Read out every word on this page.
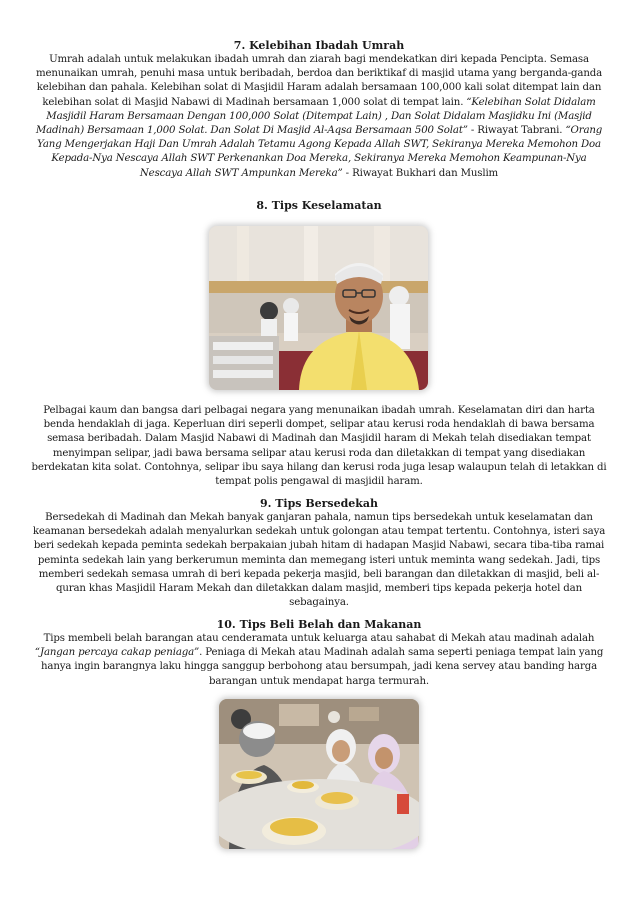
7. Kelebihan Ibadah Umrah
Umrah adalah untuk melakukan ibadah umrah dan ziarah bagi mendekatkan diri kepada Pencipta. Semasa menunaikan umrah, penuhi masa untuk beribadah, berdoa dan beriktikaf di masjid utama yang berganda-ganda kelebihan dan pahala. Kelebihan solat di Masjidil Haram adalah bersamaan 100,000 kali solat ditempat lain dan kelebihan solat di Masjid Nabawi di Madinah bersamaan 1,000 solat di tempat lain. “Kelebihan Solat Didalam Masjidil Haram Bersamaan Dengan 100,000 Solat (Ditempat Lain) , Dan Solat Didalam Masjidku Ini (Masjid Madinah) Bersamaan 1,000 Solat. Dan Solat Di Masjid Al-Aqsa Bersamaan 500 Solat” - Riwayat Tabrani. “Orang Yang Mengerjakan Haji Dan Umrah Adalah Tetamu Agong Kepada Allah SWT, Sekiranya Mereka Memohon Doa Kepada-Nya Nescaya Allah SWT Perkenankan Doa Mereka, Sekiranya Mereka Memohon Keampunan-Nya Nescaya Allah SWT Ampunkan Mereka” - Riwayat Bukhari dan Muslim
8. Tips Keselamatan
Pelbagai kaum dan bangsa dari pelbagai negara yang menunaikan ibadah umrah. Keselamatan diri dan harta benda hendaklah di jaga. Keperluan diri seperli dompet, selipar atau kerusi roda hendaklah di bawa bersama semasa beribadah. Dalam Masjid Nabawi di Madinah dan Masjidil haram di Mekah telah disediakan tempat menyimpan selipar, jadi bawa bersama selipar atau kerusi roda dan diletakkan di tempat yang disediakan berdekatan kita solat. Contohnya, selipar ibu saya hilang dan kerusi roda juga lesap walaupun telah di letakkan di tempat polis pengawal di masjidil haram.
9. Tips Bersedekah
Bersedekah di Madinah dan Mekah banyak ganjaran pahala, namun tips bersedekah untuk keselamatan dan keamanan bersedekah adalah menyalurkan sedekah untuk golongan atau tempat tertentu. Contohnya, isteri saya beri sedekah kepada peminta sedekah berpakaian jubah hitam di hadapan Masjid Nabawi, secara tiba-tiba ramai peminta sedekah lain yang berkerumun meminta dan memegang isteri untuk meminta wang sedekah. Jadi, tips memberi sedekah semasa umrah di beri kepada pekerja masjid, beli barangan dan diletakkan di masjid, beli al-quran khas Masjidil Haram Mekah dan diletakkan dalam masjid, memberi tips kepada pekerja hotel dan sebagainya.
10. Tips Beli Belah dan Makanan
Tips membeli belah barangan atau cenderamata untuk keluarga atau sahabat di Mekah atau madinah adalah “Jangan percaya cakap peniaga”. Peniaga di Mekah atau Madinah adalah sama seperti peniaga tempat lain yang hanya ingin barangnya laku hingga sanggup berbohong atau bersumpah, jadi kena servey atau banding harga barangan untuk mendapat harga termurah.
